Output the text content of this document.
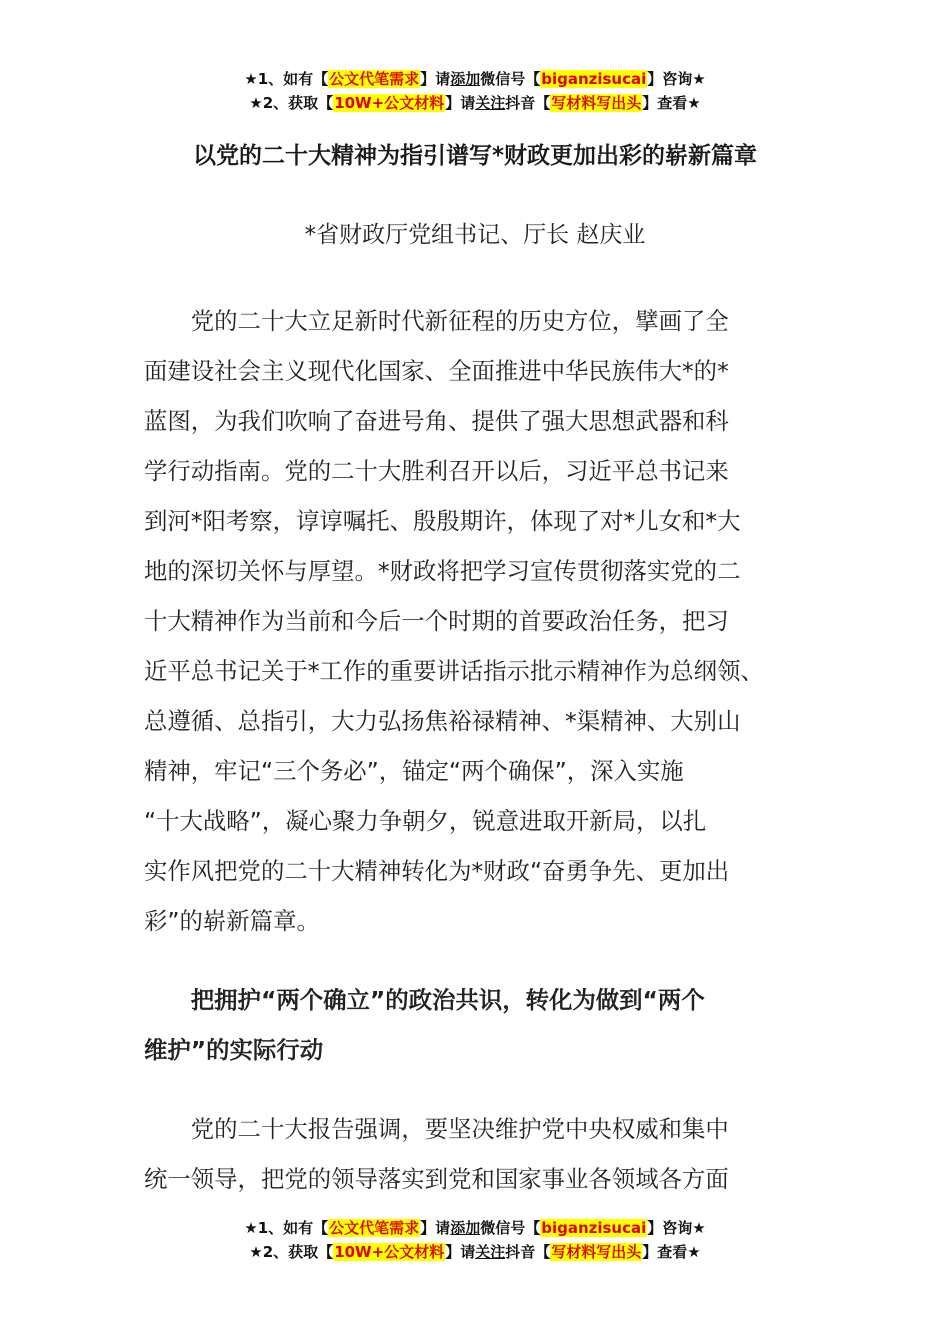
★1、如有【公文代笔需求】请添加微信号【biganzisucai】咨询★
★2、获取【10W+公文材料】请关注抖音【写材料写出头】查看★
以党的二十大精神为指引谱写*财政更加出彩的崭新篇章
*省财政厅党组书记、厅长 赵庆业
　　党的二十大立足新时代新征程的历史方位，擘画了全
面建设社会主义现代化国家、全面推进中华民族伟大*的*
蓝图，为我们吹响了奋进号角、提供了强大思想武器和科
学行动指南。党的二十大胜利召开以后，习近平总书记来
到河*阳考察，谆谆嘱托、殷殷期许，体现了对*儿女和*大
地的深切关怀与厚望。*财政将把学习宣传贯彻落实党的二
十大精神作为当前和今后一个时期的首要政治任务，把习
近平总书记关于*工作的重要讲话指示批示精神作为总纲领、
总遵循、总指引，大力弘扬焦裕禄精神、*渠精神、大别山
精神，牢记“三个务必”，锚定“两个确保”，深入实施
“十大战略”，凝心聚力争朝夕，锐意进取开新局，以扎
实作风把党的二十大精神转化为*财政“奋勇争先、更加出
彩”的崭新篇章。
　　把拥护“两个确立”的政治共识，转化为做到“两个
维护”的实际行动
　　党的二十大报告强调，要坚决维护党中央权威和集中
统一领导，把党的领导落实到党和国家事业各领域各方面
★1、如有【公文代笔需求】请添加微信号【biganzisucai】咨询★
★2、获取【10W+公文材料】请关注抖音【写材料写出头】查看★
